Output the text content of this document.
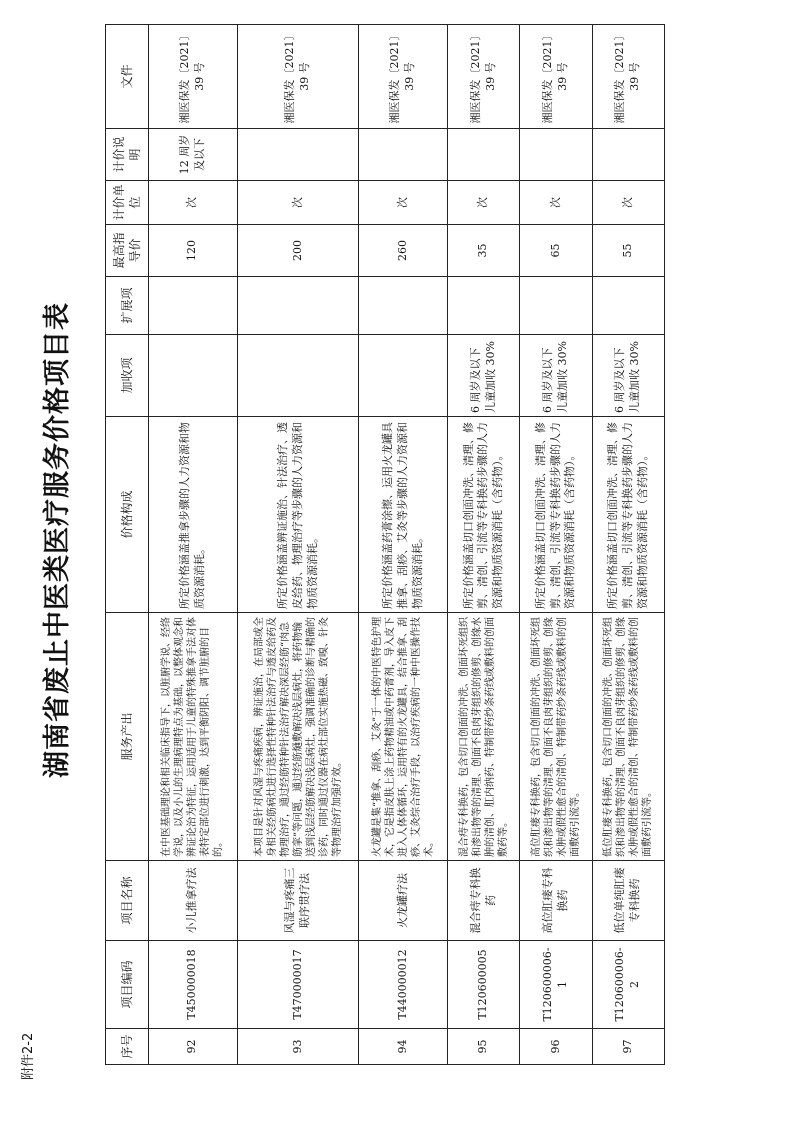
附件2-2
湖南省废止中医类医疗服务价格项目表
序号	项目编码	项目名称	服务产出	价格构成	加收项	扩展项	最高指导价	计价单位	计价说明	文件
92	T450000018	小儿推拿疗法	在中医基础理论和相关临床指导下，以脏腑学说、经络学说，以及小儿的生理病理特点为基础，以整体观念和辨证论治为特征，运用适用于儿童的特殊推拿手法对体表特定部位进行刺激，达到平衡阴阳、调节脏腑的目的。	所定价格涵盖推拿步骤的人力资源和物质资源消耗。			120	次	12 周岁及以下	湘医保发〔2021〕39 号
93	T470000017	风湿与疼痛三联序贯疗法	本项目是针对风湿与疼痛疾病，辨证施治，在局部或全身相关经筋病灶进行选择性特种针法治疗与透皮给药及物理治疗，通过经筋特种针法治疗解决深层经筋“肉急筋挛”等问题，通过经筋熥敷解决浅层病灶，将药物输送到浅层经筋解决浅层病灶，强调准确的诊断与精确的诊药，同时通过仪器在病灶部位实施热磁、致嗅、针灸等物理治疗加强疗效。	所定价格涵盖辨证施治、针法治疗、透皮给药、物理治疗等步骤的人力资源和物质资源消耗。			200	次		湘医保发〔2021〕39 号
94	T440000012	火龙罐疗法	火龙罐是集“推拿、刮痧、艾灸”于一体的中医特色护理术，它是指皮肤上涂上药物精油或中药膏剂，导入皮下进入人体体循环，运用特有的火龙罐具，结合推拿、刮痧、艾灸综合治疗手段，以治疗疾病的一种中医操作技术。	所定价格涵盖药膏涂擦、运用火龙罐具推拿、刮痧、艾灸等步骤的人力资源和物质资源消耗。			260	次		湘医保发〔2021〕39 号
95	T120600005	混合痔专科换药	混合痔专科换药，包含切口创面的冲洗、创面坏死组织和渗出物等的清理、创面不良肉芽组织的修剪、创缘水肿的清创、肛内纳药、特制带药纱条药线或敷料的创面敷药等。	所定价格涵盖切口创面冲洗、清理、修剪、清创、引流等专科换药步骤的人力资源和物质资源消耗（含药物）。	6 周岁及以下儿童加收 30%		35	次		湘医保发〔2021〕39 号
96	T120600006-1	高位肛瘘专科换药	高位肛瘘专科换药，包含切口创面的冲洗、创面坏死组织和渗出物等的清理、创面不良肉芽组织的修剪、创缘水肿或假性愈合的清创、特制带药纱条药线或敷料的创面敷药引流等。	所定价格涵盖切口创面冲洗、清理、修剪、清创、引流等专科换药步骤的人力资源和物质资源消耗（含药物）。	6 周岁及以下儿童加收 30%		65	次		湘医保发〔2021〕39 号
97	T120600006-2	低位单纯肛瘘专科换药	低位肛瘘专科换药，包含切口创面的冲洗、创面坏死组织和渗出物等的清理、创面不良肉芽组织的修剪、创缘水肿或假性愈合的清创、特制带药纱条药线或敷料的创面敷药引流等。	所定价格涵盖切口创面冲洗、清理、修剪、清创、引流等专科换药步骤的人力资源和物质资源消耗（含药物）。	6 周岁及以下儿童加收 30%		55	次		湘医保发〔2021〕39 号
